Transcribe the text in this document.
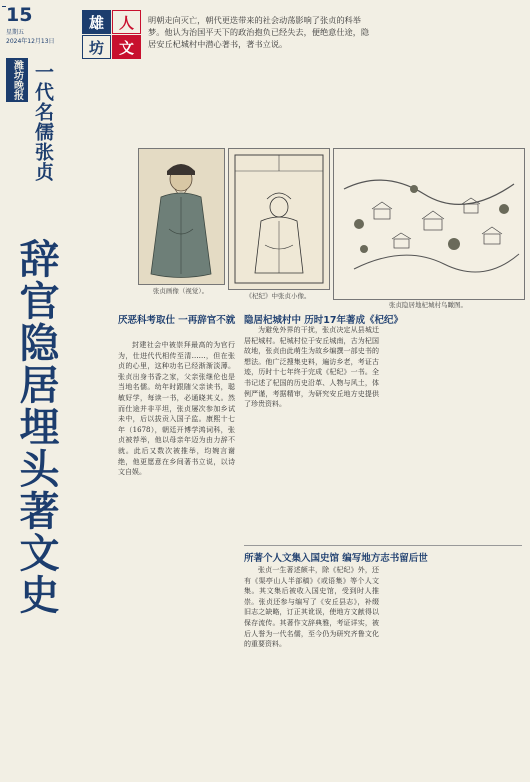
15
星期五
2024年12月13日
雄 人
坊 文
明朝走向灭亡，朝代更迭带来的社会动荡影响了张贞的科举梦。他认为治国平天下的政治抱负已经失去，便绝意仕途，隐居安丘杞城村中潜心著书，著书立说。
潍坊晚报 一代名儒张贞
辞官隐居埋头著文史	张贞画像（视觉）。
《杞纪》中张贞小像。
张贞隐居地杞城村鸟瞰图。
厌恶科考取仕 一再辞官不就

封建社会中被崇拜最高的为官行为，仕进代代相传至清……，但在张贞的心里，这种功名已经渐渐淡薄。张贞出身书香之家，父亲张继伦也是当地名儒。幼年时跟随父亲读书，聪敏好学，每读一书，必通晓其义。然而仕途并非平坦，张贞屡次参加乡试未中，后以拔贡入国子监。康熙十七年（1678），朝廷开博学鸿词科，张贞被荐举，他以母亲年迈为由力辞不就。此后又数次被推举，均婉言谢绝，他更愿意在乡间著书立说，以诗文自娱。

隐居杞城村中 历时17年著成《杞纪》

为避免外界的干扰，张贞决定从县城迁居杞城村。杞城村位于安丘城南，古为杞国故地，张贞由此萌生为故乡编撰一部史书的想法。他广泛搜集史料，遍访乡老，考证古迹，历时十七年终于完成《杞纪》一书。全书记述了杞国的历史沿革、人物与风土，体例严谨，考据精审，为研究安丘地方史提供了珍贵资料。

所著个人文集入国史馆 编写地方志书留后世

张贞一生著述颇丰，除《杞纪》外，还有《渠亭山人半部稿》《或语集》等个人文集。其文集后被收入国史馆，受到时人推崇。张贞还参与编写了《安丘县志》，补缀旧志之缺略，订正其讹误，使地方文献得以保存流传。其著作文辞典雅，考证详实，被后人誉为一代名儒，至今仍为研究齐鲁文化的重要资料。
